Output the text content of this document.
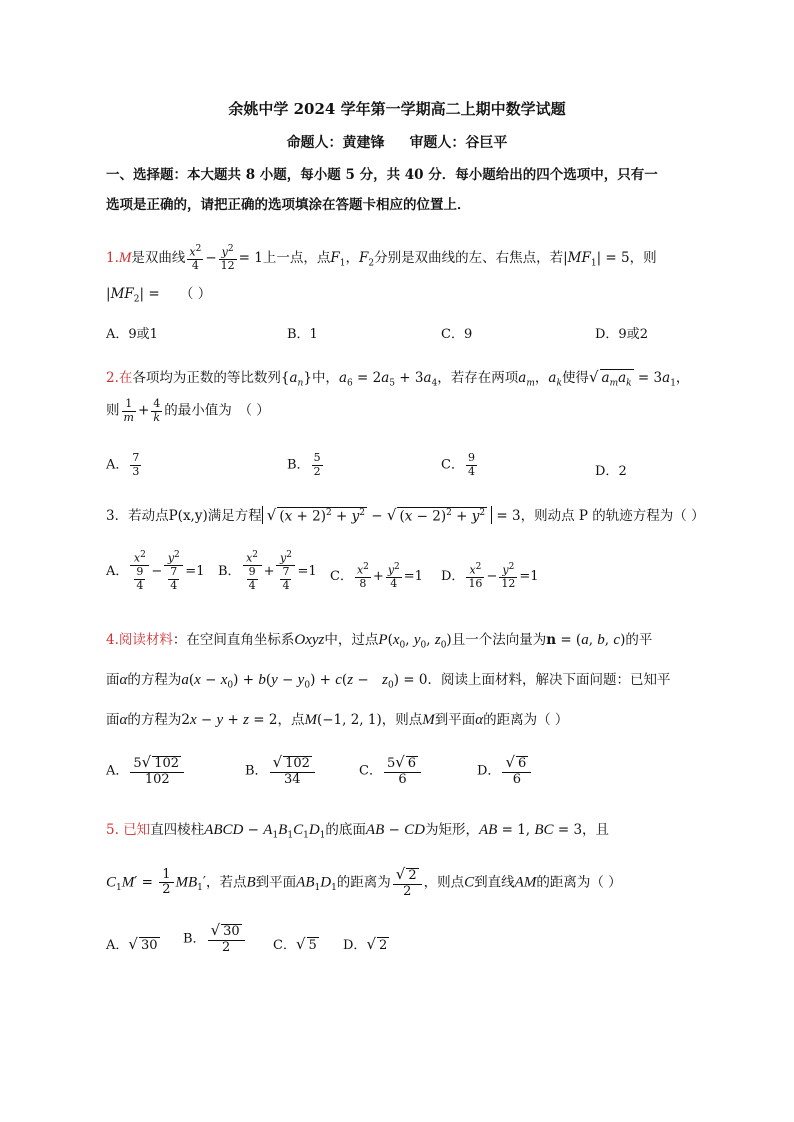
余姚中学 2024 学年第一学期高二上期中数学试题
命题人：黄建锋 审题人：谷巨平
一、选择题：本大题共 8 小题，每小题 5 分，共 40 分．每小题给出的四个选项中，只有一
选项是正确的，请把正确的选项填涂在答题卡相应的位置上．
1.M是双曲线 $\frac{x^2}{4} - \frac{y^2}{12} = 1$上一点，点$F_1$，$F_2$分别是双曲线的左、右焦点，若$|MF_1| = 5$，则
$|MF_2|$ =　　（ ）
A．9或1	B．1	C．9	D．9或2
2.在各项均为正数的等比数列$\{a_n\}$中，$a_6 = 2a_5 + 3a_4$，若存在两项$a_m$，$a_k$使得√ $a_ma_k = 3a_1$，
则 $\frac{1}{m} + \frac{4}{k}$ 的最小值为　（ ）
A． $\frac{7}{3}$	B． $\frac{5}{2}$	C． $\frac{9}{4}$	D．2
3．若动点P(x,y)满足方程 √ $(x + 2)^2 + y^2$ − √ $(x - 2)^2 + y^2 = 3$，则动点 P 的轨迹方程为（ ）
A． $\frac{x^2}{\frac{9}{4}} - \frac{y^2}{\frac{7}{4}} =1$ B． $\frac{x^2}{\frac{9}{4}} + \frac{y^2}{\frac{7}{4}} =1$ C． $\frac{x^2}{8} + \frac{y^2}{4} =1$ D． $\frac{x^2}{16} - \frac{y^2}{12} =1$
4.阅读材料：在空间直角坐标系Oxyz中，过点$P(x_0$, $y_0$, $z_0$)且一个法向量为n = (a, b, c)的平
面α的方程为$a(x - x_0) + b(y - y_0) + c(z$ −　$z_0) = 0$．阅读上面材料，解决下面问题：已知平
面α的方程为2x − y + z = 2，点M(−1, 2, 1)，则点M到平面α的距离为（ ）
A． $\frac{5√ 102}{102}$	B． $\frac{√ 102}{34}$	C． $\frac{5√ 6}{6}$	D． $\frac{√ 6}{6}$
5. 已知直四棱柱ABCD − $A_1B_1C_1D_1$的底面AB − CD为矩形，AB = 1, BC = 3，且
$C_1M' = \frac{1}{2} MB_1'$，若点B到平面$AB_1D_1$的距离为 $\frac{√ 2}{2}$ ，则点C到直线AM的距离为（ ）
A．√ 30 B． $\frac{√ 30}{2}$ C．√ 5 D．√ 2
